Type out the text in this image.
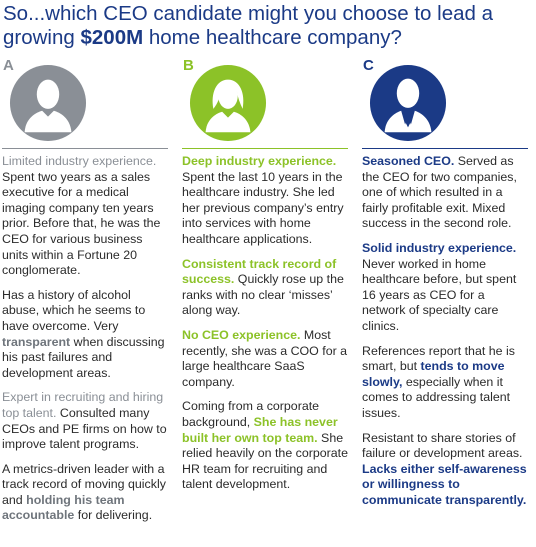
So...which CEO candidate might you choose to lead a
growing $200M home healthcare company?
A

Limited industry experience. Spent two years as a sales executive for a medical imaging company ten years prior. Before that, he was the CEO for various business units within a Fortune 20 conglomerate.

Has a history of alcohol abuse, which he seems to have overcome. Very transparent when discussing his past failures and development areas.

Expert in recruiting and hiring top talent. Consulted many CEOs and PE firms on how to improve talent programs.

A metrics-driven leader with a track record of moving quickly and holding his team accountable for delivering.

B

Deep industry experience. Spent the last 10 years in the healthcare industry. She led her previous company’s entry into services with home healthcare applications.

Consistent track record of success. Quickly rose up the ranks with no clear ‘misses’ along way.

No CEO experience. Most recently, she was a COO for a large healthcare SaaS company.

Coming from a corporate background, She has never built her own top team. She relied heavily on the corporate HR team for recruiting and talent development.

C

Seasoned CEO. Served as the CEO for two companies, one of which resulted in a fairly profitable exit. Mixed success in the second role.

Solid industry experience. Never worked in home healthcare before, but spent 16 years as CEO for a network of specialty care clinics.

References report that he is smart, but tends to move slowly, especially when it comes to addressing talent issues.

Resistant to share stories of failure or development areas. Lacks either self-awareness or willingness to communicate transparently.
